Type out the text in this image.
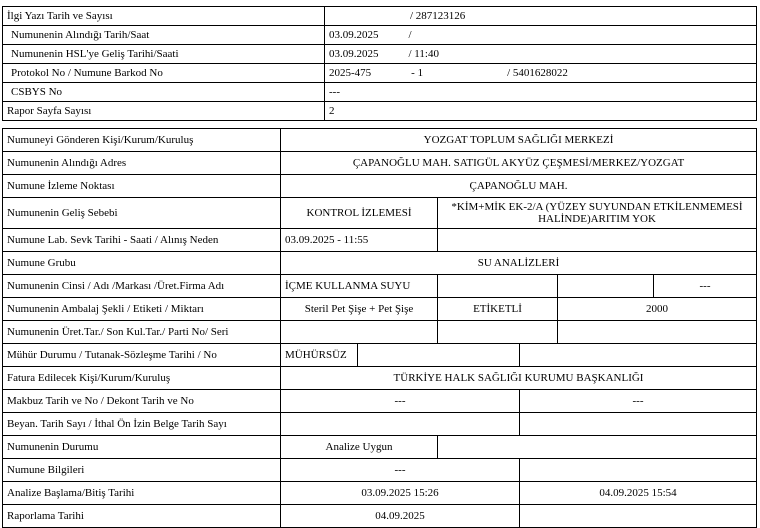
İlgi Yazı Tarih ve Sayısı	/ 287123126
Numunenin Alındığı Tarih/Saat	03.09.2025 /
Numunenin HSL'ye Geliş Tarihi/Saati	03.09.2025 / 11:40
Protokol No / Numune Barkod No	2025-475 - 1 / 5401628022
CSBYS No	---
Rapor Sayfa Sayısı	2
Numuneyi Gönderen Kişi/Kurum/Kuruluş	YOZGAT TOPLUM SAĞLIĞI MERKEZİ					
Numunenin Alındığı Adres	ÇAPANOĞLU MAH. SATIGÜL AKYÜZ ÇEŞMESİ/MERKEZ/YOZGAT					
Numune İzleme Noktası	ÇAPANOĞLU MAH.					
Numunenin Geliş Sebebi	KONTROL İZLEMESİ		*KİM+MİK EK-2/A (YÜZEY SUYUNDAN ETKİLENMEMESİ HALİNDE)ARITIM YOK			
Numune Lab. Sevk Tarihi - Saati / Alınış Neden	03.09.2025 - 11:55					
Numune Grubu	SU ANALİZLERİ					
Numunenin Cinsi / Adı /Markası /Üret.Firma Adı	İÇME KULLANMA SUYU					---
Numunenin Ambalaj Şekli / Etiketi / Miktarı	Steril Pet Şişe + Pet Şişe		ETİKETLİ		2000	
Numunenin Üret.Tar./ Son Kul.Tar./ Parti No/ Seri						
Mühür Durumu / Tutanak-Sözleşme Tarihi / No	MÜHÜRSÜZ					
Fatura Edilecek Kişi/Kurum/Kuruluş	TÜRKİYE HALK SAĞLIĞI KURUMU BAŞKANLIĞI					
Makbuz Tarih ve No / Dekont Tarih ve No	---			---		
Beyan. Tarih Sayı / İthal Ön İzin Belge Tarih Sayı						
Numunenin Durumu	Analize Uygun					
Numune Bilgileri	---					
Analize Başlama/Bitiş Tarihi	03.09.2025 15:26			04.09.2025 15:54		
Raporlama Tarihi	04.09.2025					
